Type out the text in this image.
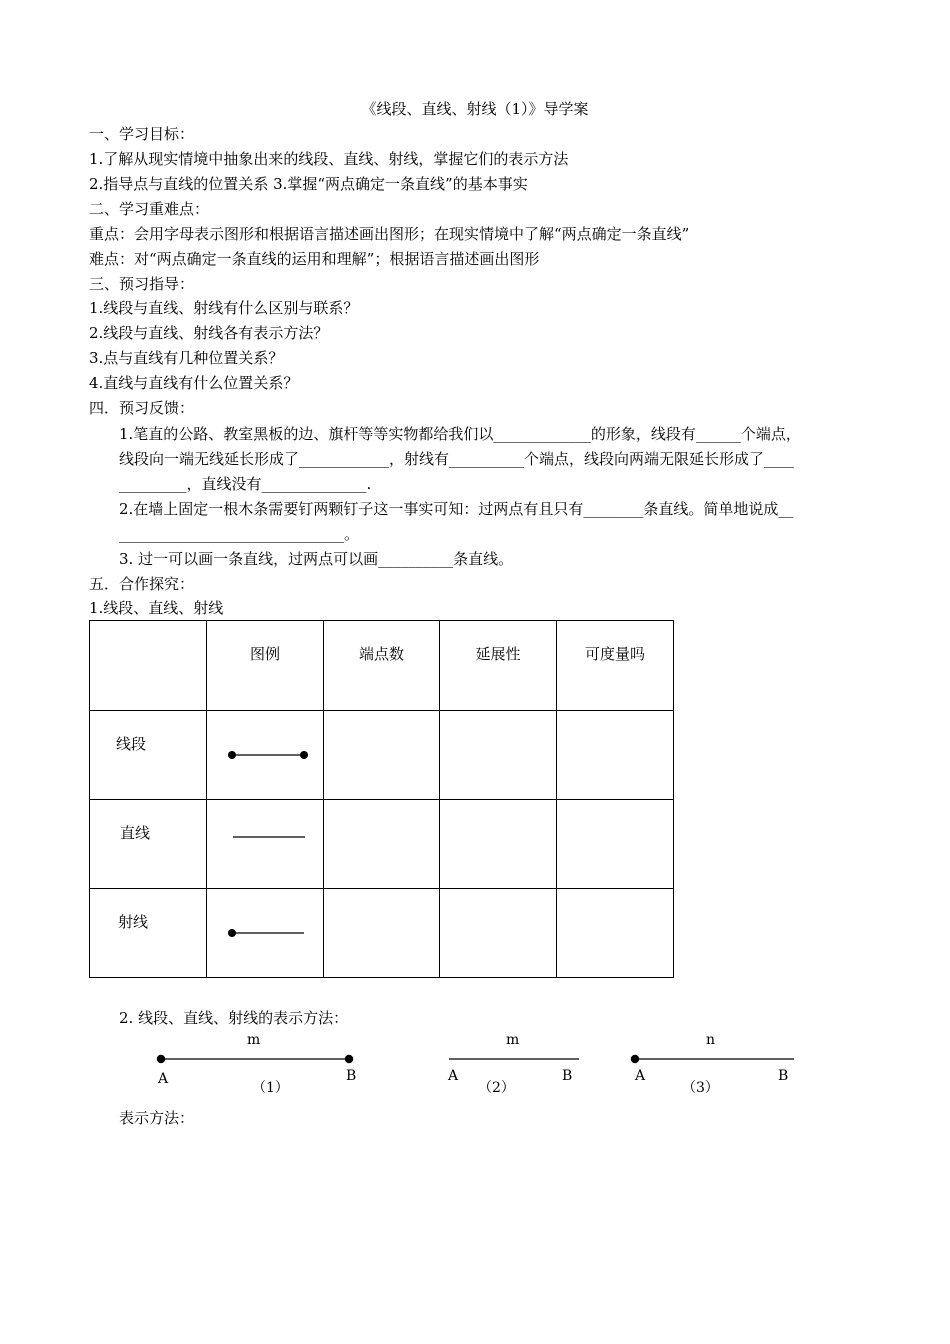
《线段、直线、射线（1）》导学案
一、学习目标：
1.了解从现实情境中抽象出来的线段、直线、射线，掌握它们的表示方法
2.指导点与直线的位置关系 3.掌握“两点确定一条直线”的基本事实
二、学习重难点：
重点：会用字母表示图形和根据语言描述画出图形；在现实情境中了解“两点确定一条直线”
难点：对“两点确定一条直线的运用和理解”；根据语言描述画出图形
三、预习指导：
1.线段与直线、射线有什么区别与联系？
2.线段与直线、射线各有表示方法？
3.点与直线有几种位置关系？
4.直线与直线有什么位置关系？
四．预习反馈：
1.笔直的公路、教室黑板的边、旗杆等等实物都给我们以_____________的形象，线段有______个端点，
线段向一端无线延长形成了____________，射线有__________个端点，线段向两端无限延长形成了____
_________，直线没有______________.
2.在墙上固定一根木条需要钉两颗钉子这一事实可知：过两点有且只有________条直线。简单地说成__
______________________________。
3. 过一可以画一条直线，过两点可以画__________条直线。
五．合作探究：
1.线段、直线、射线

	图例	端点数	延展性	可度量吗

线段

直线

射线

2. 线段、直线、射线的表示方法：
m
A	B
（1）
m
A	B
（2）
n
A	B
（3）
表示方法：
